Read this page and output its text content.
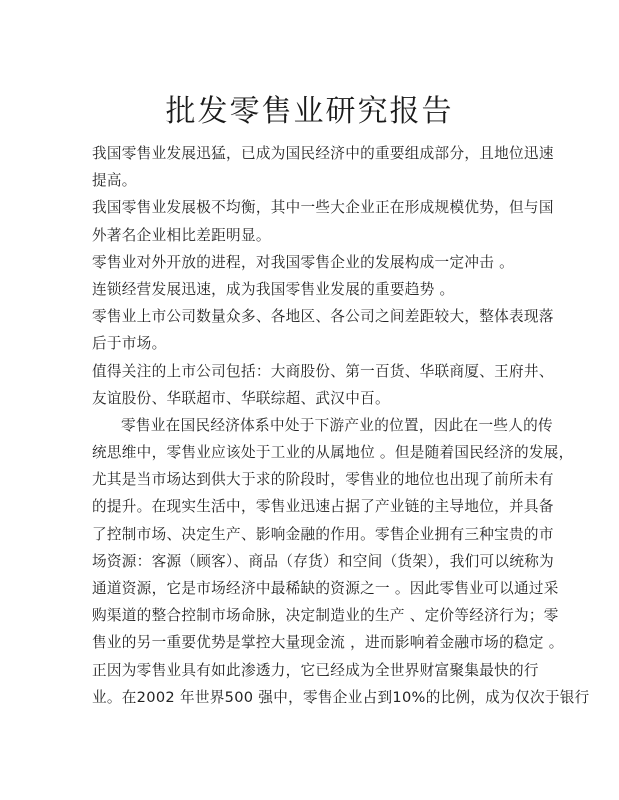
批发零售业研究报告
我国零售业发展迅猛，已成为国民经济中的重要组成部分，且地位迅速
提高。
我国零售业发展极不均衡，其中一些大企业正在形成规模优势，但与国
外著名企业相比差距明显。
零售业对外开放的进程，对我国零售企业的发展构成一定冲击 。
连锁经营发展迅速，成为我国零售业发展的重要趋势 。
零售业上市公司数量众多、各地区、各公司之间差距较大，整体表现落
后于市场。
值得关注的上市公司包括：大商股份、第一百货、华联商厦、王府井、
友谊股份、华联超市、华联综超、武汉中百。
零售业在国民经济体系中处于下游产业的位置，因此在一些人的传
统思维中，零售业应该处于工业的从属地位 。但是随着国民经济的发展，
尤其是当市场达到供大于求的阶段时，零售业的地位也出现了前所未有
的提升。在现实生活中，零售业迅速占据了产业链的主导地位，并具备
了控制市场、决定生产、影响金融的作用。零售企业拥有三种宝贵的市
场资源：客源（顾客）、商品（存货）和空间（货架），我们可以统称为
通道资源，它是市场经济中最稀缺的资源之一 。因此零售业可以通过采
购渠道的整合控制市场命脉，决定制造业的生产 、定价等经济行为；零
售业的另一重要优势是掌控大量现金流 ，进而影响着金融市场的稳定 。
正因为零售业具有如此渗透力，它已经成为全世界财富聚集最快的行
业。在2002 年世界500 强中，零售企业占到10%的比例，成为仅次于银行
